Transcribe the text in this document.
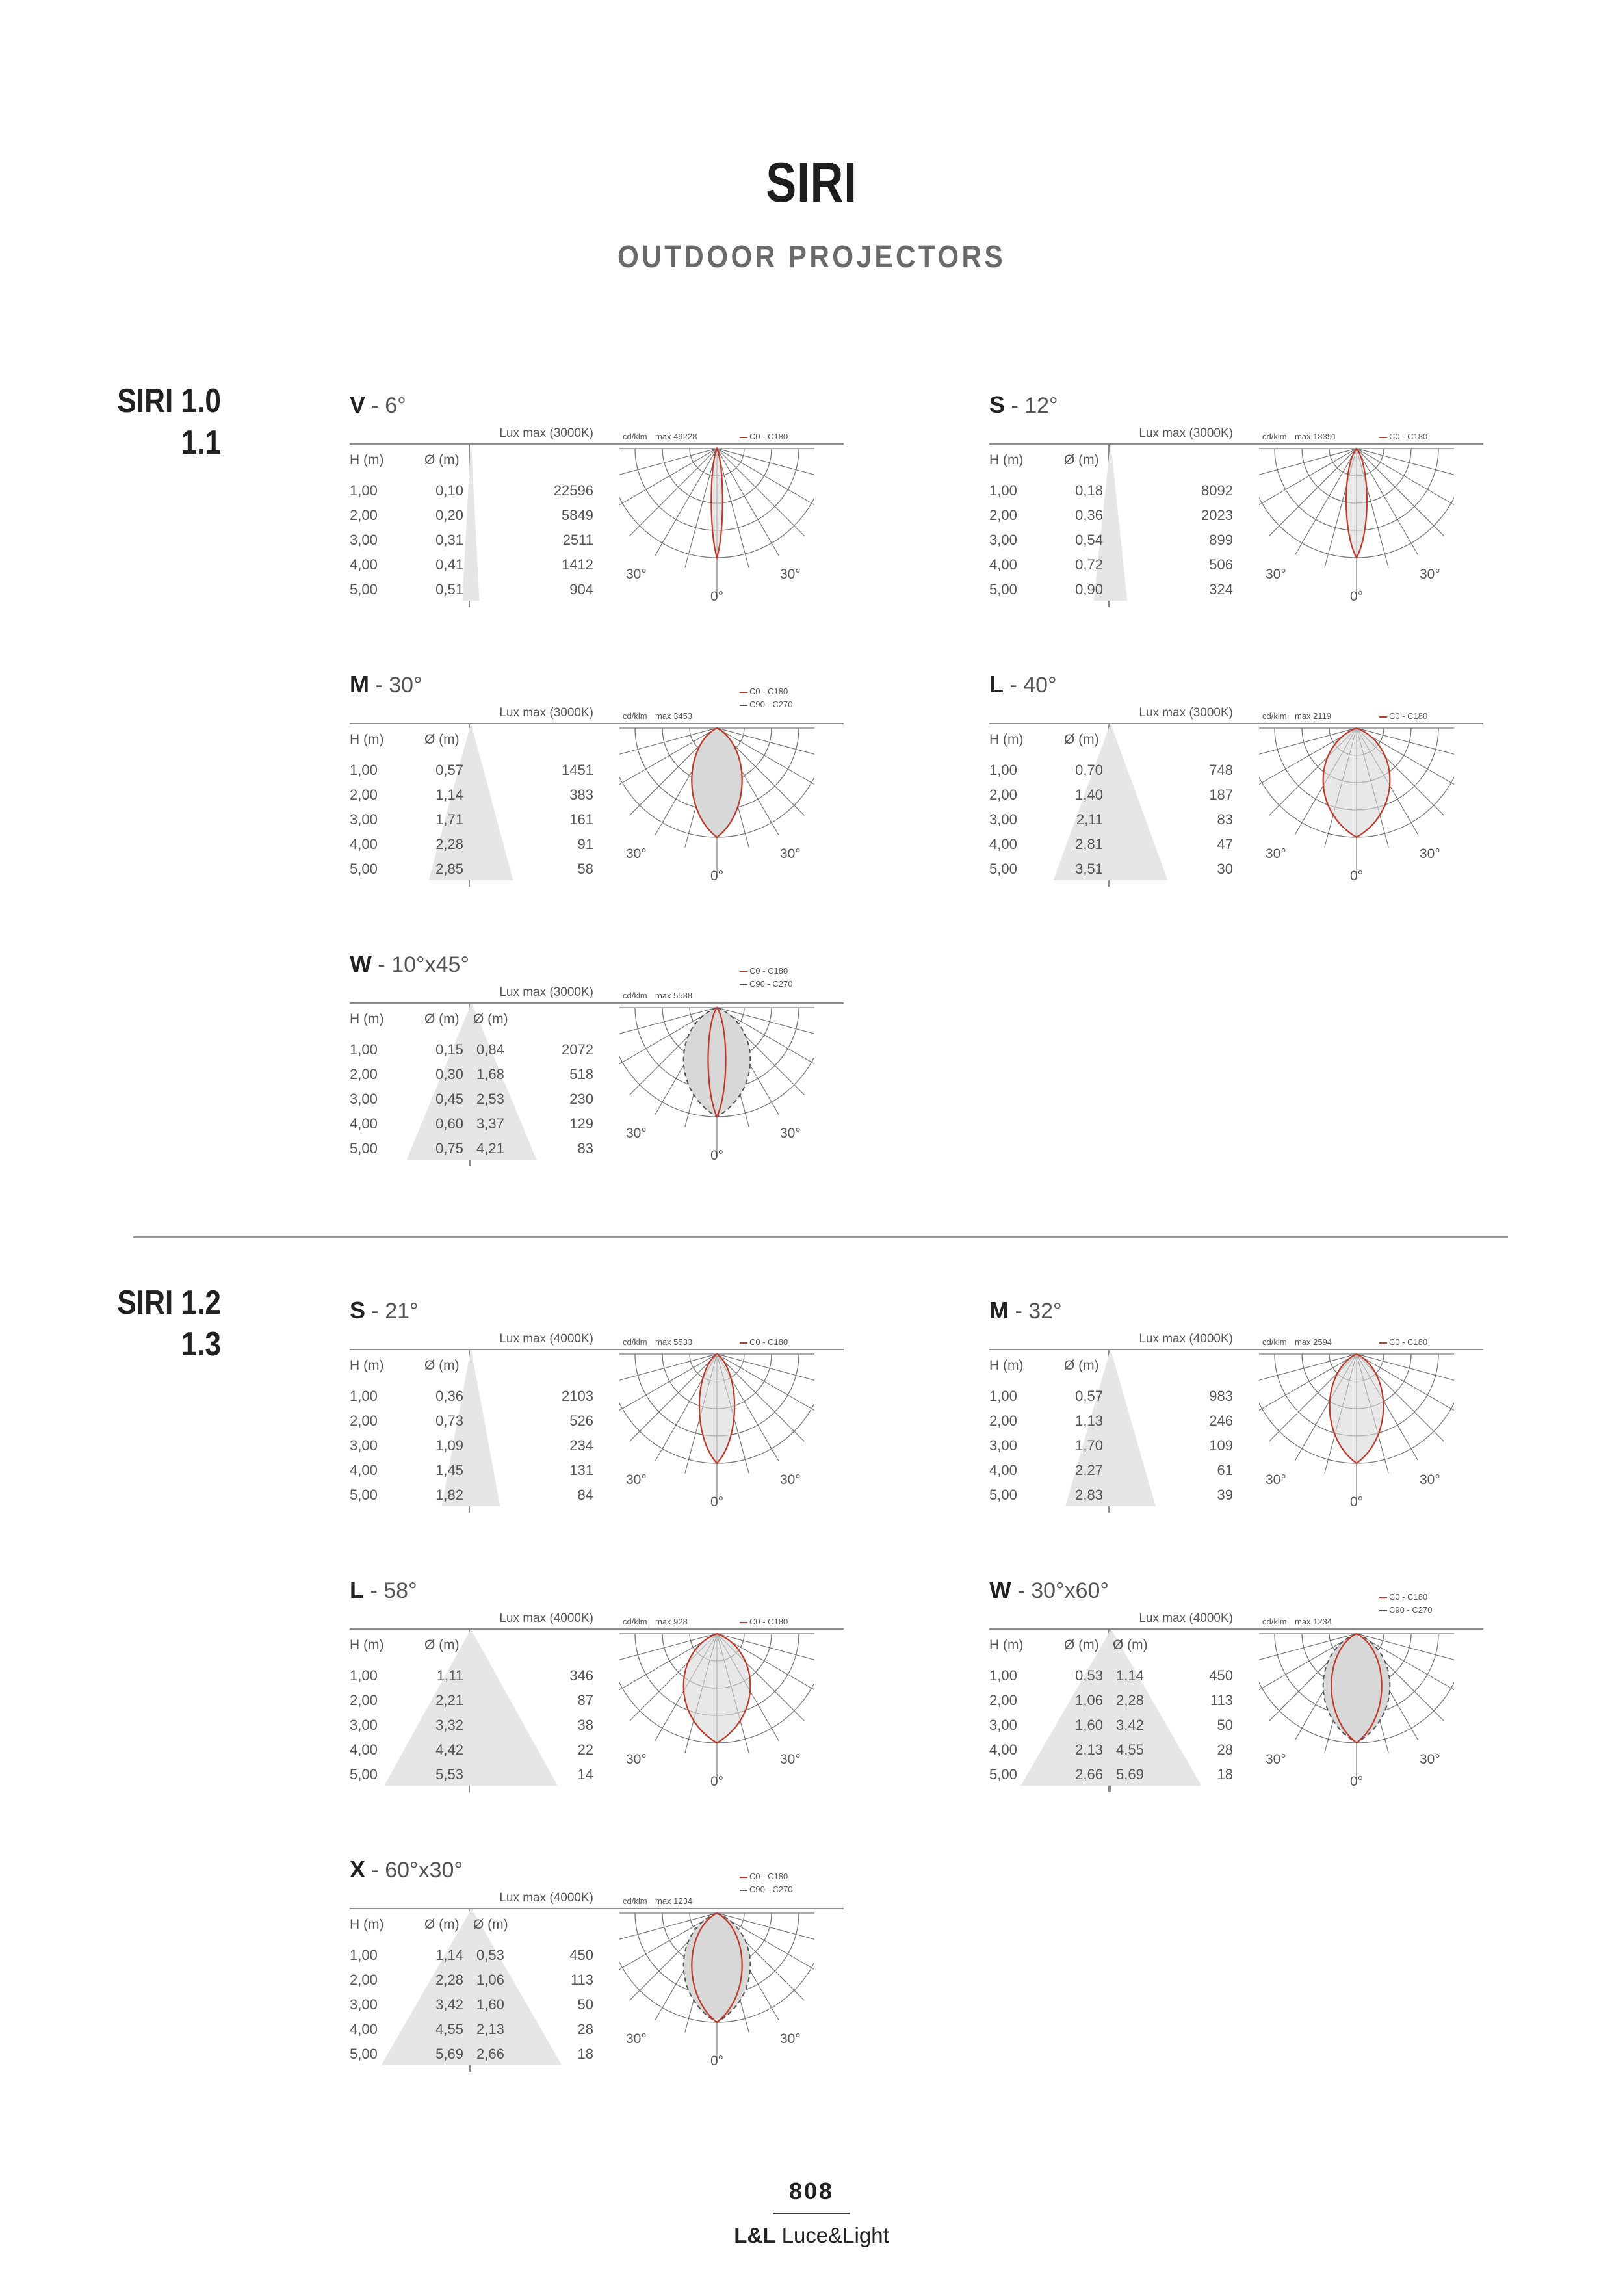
SIRI
OUTDOOR PROJECTORS
SIRI 1.0
1.1
SIRI 1.2
1.3
V - 6°
Lux max (3000K)
H (m)	Ø (m)
1,00	0,10	22596
2,00	0,20	5849
3,00	0,31	2511
4,00	0,41	1412
5,00	0,51	904
cd/klm max 49228	C0 - C180
30°	30°
0°
S - 12°
Lux max (3000K)
H (m)	Ø (m)
1,00	0,18	8092
2,00	0,36	2023
3,00	0,54	899
4,00	0,72	506
5,00	0,90	324
cd/klm max 18391	C0 - C180
30°	30°
0°
M - 30°
Lux max (3000K)
H (m)	Ø (m)
1,00	0,57	1451
2,00	1,14	383
3,00	1,71	161
4,00	2,28	91
5,00	2,85	58
cd/klm max 3453
C0 - C180
C90 - C270
30°	30°
0°
L - 40°
Lux max (3000K)
H (m)	Ø (m)
1,00	0,70	748
2,00	1,40	187
3,00	2,11	83
4,00	2,81	47
5,00	3,51	30
cd/klm max 2119	C0 - C180
30°	30°
0°
W - 10°x45°
Lux max (3000K)
H (m)	Ø (m) Ø (m)
1,00	0,15 0,84	2072
2,00	0,30 1,68	518
3,00	0,45 2,53	230
4,00	0,60 3,37	129
5,00	0,75 4,21	83
cd/klm max 5588
C0 - C180
C90 - C270
30°	30°
0°
S - 21°
Lux max (4000K)
H (m)	Ø (m)
1,00	0,36	2103
2,00	0,73	526
3,00	1,09	234
4,00	1,45	131
5,00	1,82	84
cd/klm max 5533	C0 - C180
30°	30°
0°
M - 32°
Lux max (4000K)
H (m)	Ø (m)
1,00	0,57	983
2,00	1,13	246
3,00	1,70	109
4,00	2,27	61
5,00	2,83	39
cd/klm max 2594	C0 - C180
30°	30°
0°
L - 58°
Lux max (4000K)
H (m)	Ø (m)
1,00	1,11	346
2,00	2,21	87
3,00	3,32	38
4,00	4,42	22
5,00	5,53	14
cd/klm max 928	C0 - C180
30°	30°
0°
W - 30°x60°
Lux max (4000K)
H (m)	Ø (m) Ø (m)
1,00	0,53 1,14	450
2,00	1,06 2,28	113
3,00	1,60 3,42	50
4,00	2,13 4,55	28
5,00	2,66 5,69	18
cd/klm max 1234
C0 - C180
C90 - C270
30°	30°
0°
X - 60°x30°
Lux max (4000K)
H (m)	Ø (m) Ø (m)
1,00	1,14 0,53	450
2,00	2,28 1,06	113
3,00	3,42 1,60	50
4,00	4,55 2,13	28
5,00	5,69 2,66	18
cd/klm max 1234
C0 - C180
C90 - C270
30°	30°
0°
808
L&L Luce&Light
